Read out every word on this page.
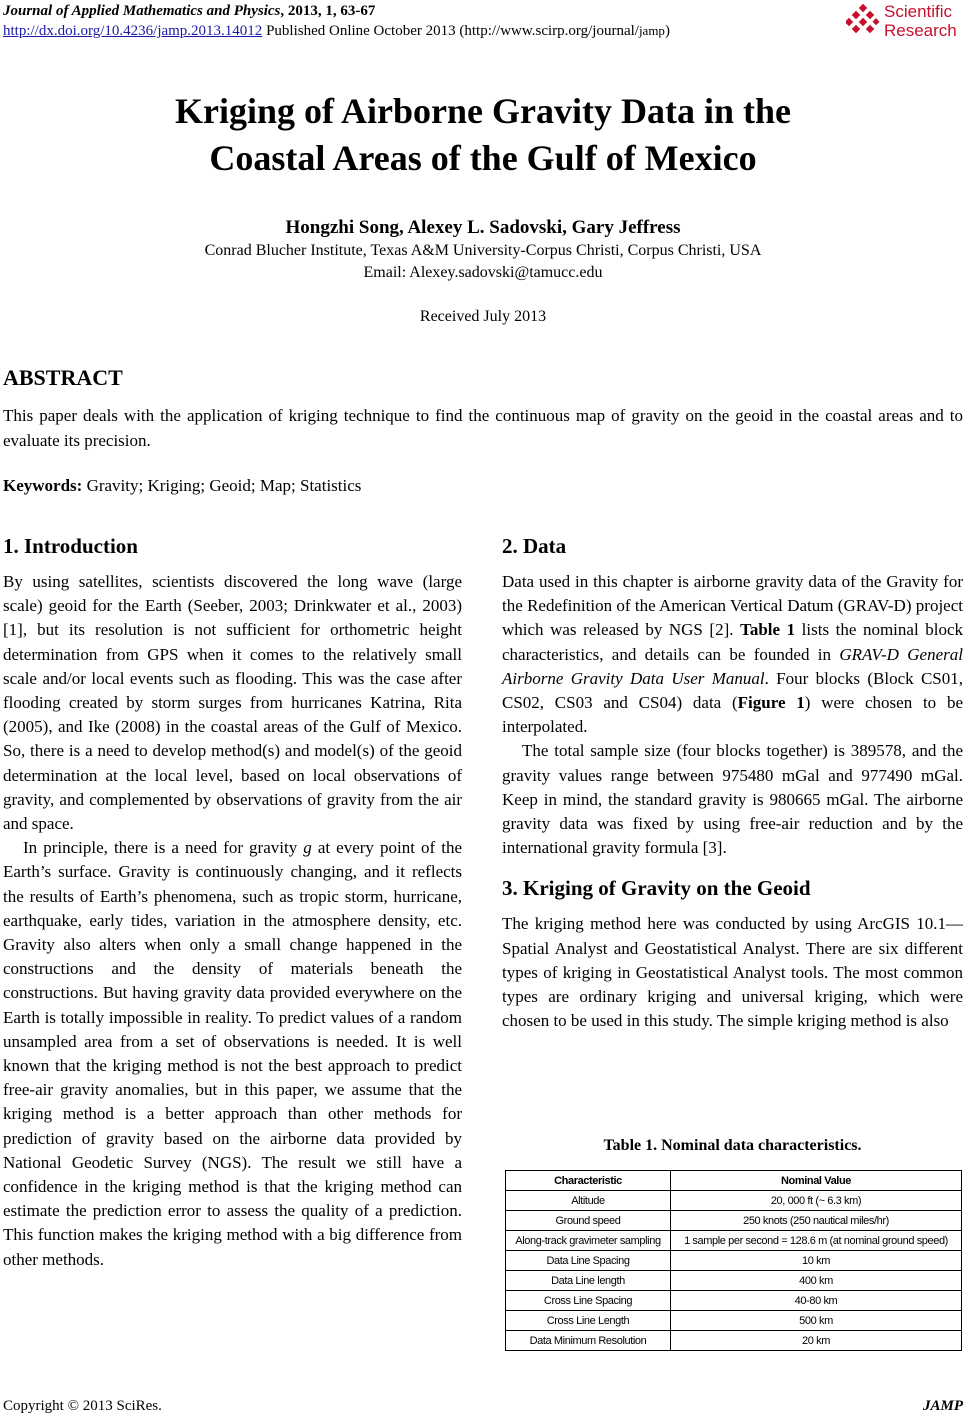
Journal of Applied Mathematics and Physics, 2013, 1, 63-67
http://dx.doi.org/10.4236/jamp.2013.14012 Published Online October 2013 (http://www.scirp.org/journal/jamp)
Scientific
Research
Kriging of Airborne Gravity Data in the
Coastal Areas of the Gulf of Mexico
Hongzhi Song, Alexey L. Sadovski, Gary Jeffress
Conrad Blucher Institute, Texas A&M University-Corpus Christi, Corpus Christi, USA
Email: Alexey.sadovski@tamucc.edu
Received July 2013
ABSTRACT
This paper deals with the application of kriging technique to find the continuous map of gravity on the geoid in the coastal areas and to evaluate its precision.
Keywords: Gravity; Kriging; Geoid; Map; Statistics
1. Introduction

By using satellites, scientists discovered the long wave (large scale) geoid for the Earth (Seeber, 2003; Drinkwater et al., 2003) [1], but its resolution is not sufficient for orthometric height determination from GPS when it comes to the relatively small scale and/or local events such as flooding. This was the case after flooding created by storm surges from hurricanes Katrina, Rita (2005), and Ike (2008) in the coastal areas of the Gulf of Mexico. So, there is a need to develop method(s) and model(s) of the geoid determination at the local level, based on local observations of gravity, and complemented by observations of gravity from the air and space.

In principle, there is a need for gravity g at every point of the Earth’s surface. Gravity is continuously changing, and it reflects the results of Earth’s phenomena, such as tropic storm, hurricane, earthquake, early tides, variation in the atmosphere density, etc. Gravity also alters when only a small change happened in the constructions and the density of materials beneath the constructions. But having gravity data provided everywhere on the Earth is totally impossible in reality. To predict values of a random unsampled area from a set of observations is needed. It is well known that the kriging method is not the best approach to predict free-air gravity anomalies, but in this paper, we assume that the kriging method is a better approach than other methods for prediction of gravity based on the airborne data provided by National Geodetic Survey (NGS). The result we still have a confidence in the kriging method is that the kriging method can estimate the prediction error to assess the quality of a prediction. This function makes the kriging method with a big difference from other methods.

2. Data

Data used in this chapter is airborne gravity data of the Gravity for the Redefinition of the American Vertical Datum (GRAV-D) project which was released by NGS [2]. Table 1 lists the nominal block characteristics, and details can be founded in GRAV-D General Airborne Gravity Data User Manual. Four blocks (Block CS01, CS02, CS03 and CS04) data (Figure 1) were chosen to be interpolated.

The total sample size (four blocks together) is 389578, and the gravity values range between 975480 mGal and 977490 mGal. Keep in mind, the standard gravity is 980665 mGal. The airborne gravity data was fixed by using free-air reduction and by the international gravity formula [3].

3. Kriging of Gravity on the Geoid

The kriging method here was conducted by using ArcGIS 10.1—Spatial Analyst and Geostatistical Analyst. There are six different types of kriging in Geostatistical Analyst tools. The most common types are ordinary kriging and universal kriging, which were chosen to be used in this study. The simple kriging method is also

Table 1. Nominal data characteristics.
Characteristic	Nominal Value
Altitude	20, 000 ft (~ 6.3 km)
Ground speed	250 knots (250 nautical miles/hr)
Along-track gravimeter sampling	1 sample per second = 128.6 m (at nominal ground speed)
Data Line Spacing	10 km
Data Line length	400 km
Cross Line Spacing	40-80 km
Cross Line Length	500 km
Data Minimum Resolution	20 km
Copyright © 2013 SciRes.	JAMP
